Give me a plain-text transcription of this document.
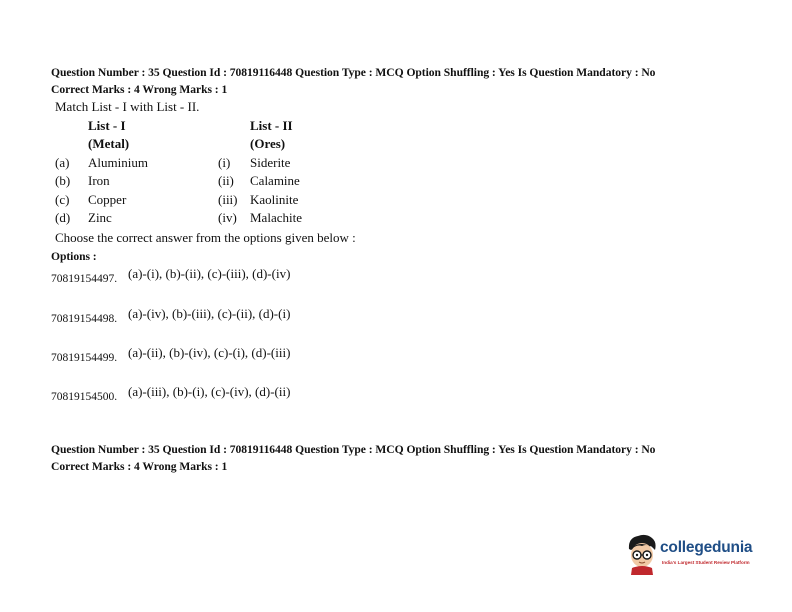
Question Number : 35 Question Id : 70819116448 Question Type : MCQ Option Shuffling : Yes Is Question Mandatory : No
Correct Marks : 4 Wrong Marks : 1
Match List - I with List - II.
List - I
(Metal)
List - II
(Ores)
(a) Aluminium	(i) Siderite
(b) Iron	(ii) Calamine
(c) Copper	(iii) Kaolinite
(d) Zinc	(iv) Malachite
Choose the correct answer from the options given below :
Options :
70819154497. (a)-(i), (b)-(ii), (c)-(iii), (d)-(iv)
70819154498. (a)-(iv), (b)-(iii), (c)-(ii), (d)-(i)
70819154499. (a)-(ii), (b)-(iv), (c)-(i), (d)-(iii)
70819154500. (a)-(iii), (b)-(i), (c)-(iv), (d)-(ii)
Question Number : 35 Question Id : 70819116448 Question Type : MCQ Option Shuffling : Yes Is Question Mandatory : No
Correct Marks : 4 Wrong Marks : 1
collegedunia
India's Largest Student Review Platform
